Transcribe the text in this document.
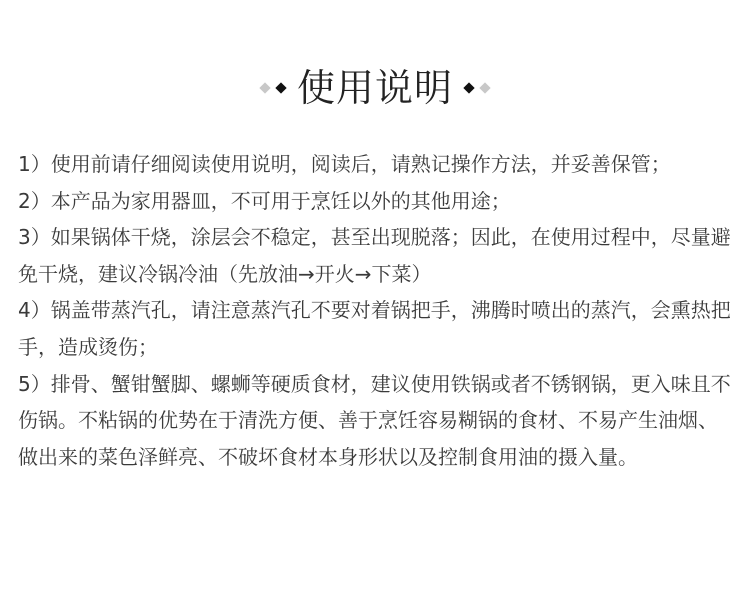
使用说明

1）使用前请仔细阅读使用说明，阅读后，请熟记操作方法，并妥善保管；

2）本产品为家用器皿，不可用于烹饪以外的其他用途；

3）如果锅体干烧，涂层会不稳定，甚至出现脱落；因此，在使用过程中，尽量避免干烧，建议冷锅冷油（先放油→开火→下菜）

4）锅盖带蒸汽孔，请注意蒸汽孔不要对着锅把手，沸腾时喷出的蒸汽，会熏热把手，造成烫伤；

5）排骨、蟹钳蟹脚、螺蛳等硬质食材，建议使用铁锅或者不锈钢锅，更入味且不伤锅。不粘锅的优势在于清洗方便、善于烹饪容易糊锅的食材、不易产生油烟、做出来的菜色泽鲜亮、不破坏食材本身形状以及控制食用油的摄入量。
